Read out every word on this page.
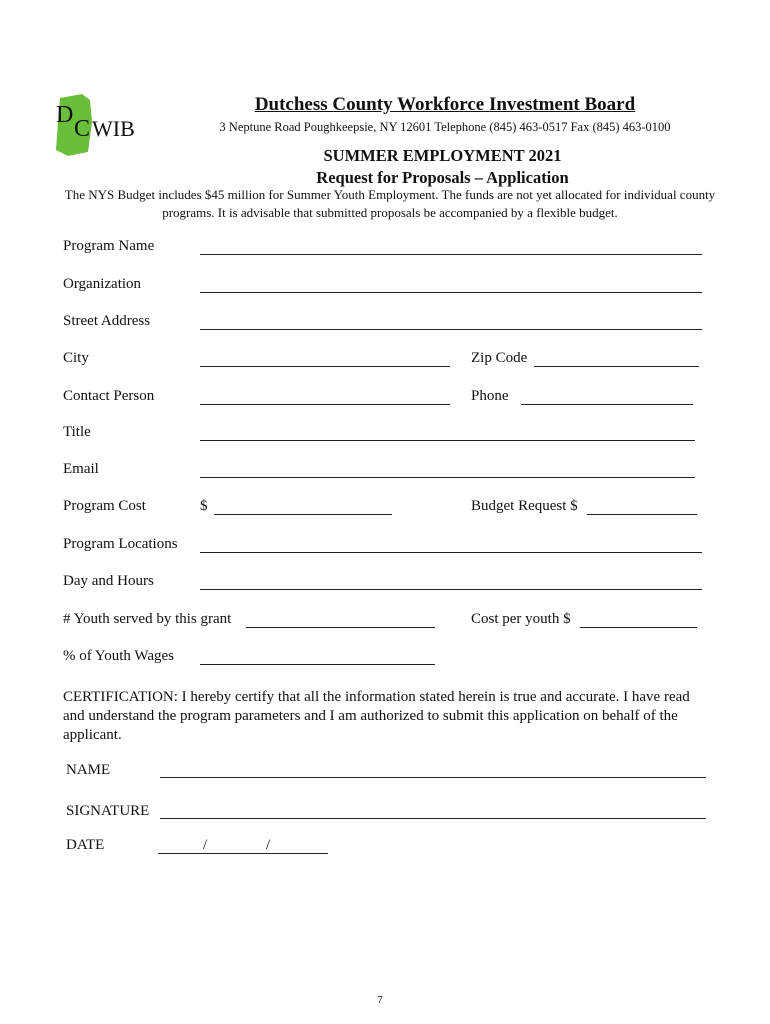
D
C WIB
Dutchess County Workforce Investment Board
3 Neptune Road Poughkeepsie, NY 12601 Telephone (845) 463-0517 Fax (845) 463-0100
SUMMER EMPLOYMENT 2021
Request for Proposals – Application
The NYS Budget includes $45 million for Summer Youth Employment. The funds are not yet allocated for individual county programs. It is advisable that submitted proposals be accompanied by a flexible budget.
Program Name
Organization
Street Address
City	Zip Code
Contact Person	Phone
Title
Email
Program Cost	$	Budget Request $
Program Locations
Day and Hours
# Youth served by this grant	Cost per youth $
% of Youth Wages
CERTIFICATION: I hereby certify that all the information stated herein is true and accurate. I have read and understand the program parameters and I am authorized to submit this application on behalf of the applicant.
NAME
SIGNATURE
DATE	/	/
7
